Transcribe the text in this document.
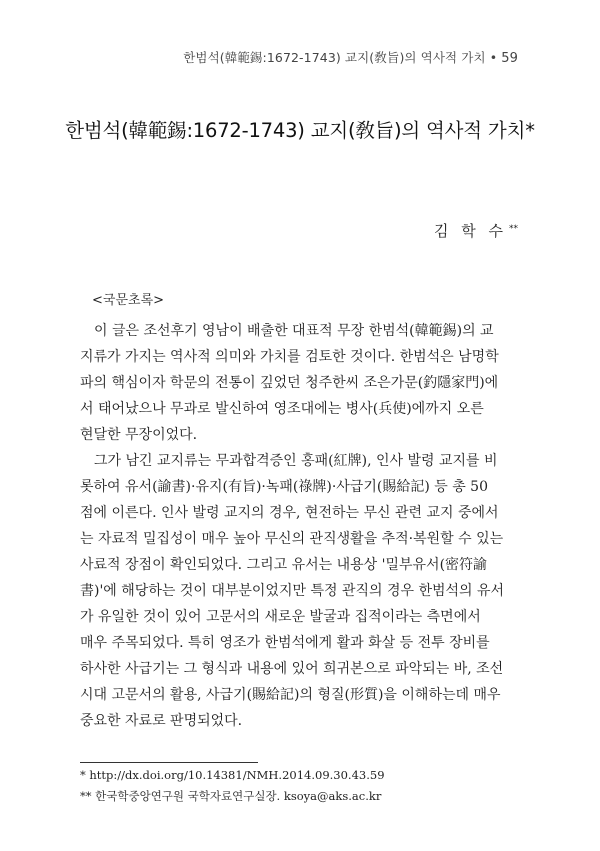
한범석(韓範錫:1672-1743) 교지(敎旨)의 역사적 가치 • 59
한범석(韓範錫:1672-1743) 교지(敎旨)의 역사적 가치*
김 학 수 **
<국문초록>
이 글은 조선후기 영남이 배출한 대표적 무장 한범석(韓範錫)의 교
지류가 가지는 역사적 의미와 가치를 검토한 것이다. 한범석은 남명학
파의 핵심이자 학문의 전통이 깊었던 청주한씨 조은가문(釣隱家門)에
서 태어났으나 무과로 발신하여 영조대에는 병사(兵使)에까지 오른
현달한 무장이었다.
그가 남긴 교지류는 무과합격증인 홍패(紅牌), 인사 발령 교지를 비
롯하여 유서(諭書)·유지(有旨)·녹패(祿牌)·사급기(賜給記) 등 총 50
점에 이른다. 인사 발령 교지의 경우, 현전하는 무신 관련 교지 중에서
는 자료적 밀집성이 매우 높아 무신의 관직생활을 추적·복원할 수 있는
사료적 장점이 확인되었다. 그리고 유서는 내용상 '밀부유서(密符諭
書)'에 해당하는 것이 대부분이었지만 특정 관직의 경우 한범석의 유서
가 유일한 것이 있어 고문서의 새로운 발굴과 집적이라는 측면에서
매우 주목되었다. 특히 영조가 한범석에게 활과 화살 등 전투 장비를
하사한 사급기는 그 형식과 내용에 있어 희귀본으로 파악되는 바, 조선
시대 고문서의 활용, 사급기(賜給記)의 형질(形質)을 이해하는데 매우
중요한 자료로 판명되었다.
* http://dx.doi.org/10.14381/NMH.2014.09.30.43.59
** 한국학중앙연구원 국학자료연구실장. ksoya@aks.ac.kr
